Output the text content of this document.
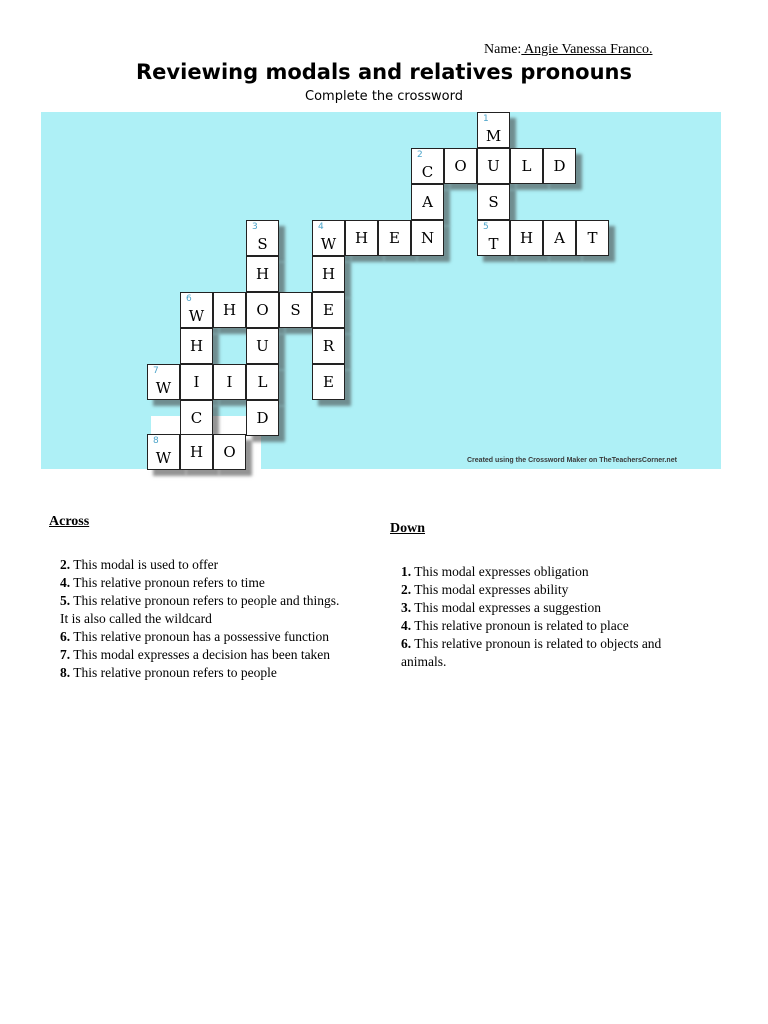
Name: Angie Vanessa Franco.
Reviewing modals and relatives pronouns
Complete the crossword
Created using the Crossword Maker on TheTeachersCorner.net
1
M
2
C	O	U	L	D
A	S
3
S
4
W	H	E	N
5
T	H	A	T
H	H
6
W	H	O	S	E
H	U	R
7
W	I	I	L	E
C	D
8
W	H	O
Across
2. This modal is used to offer
4. This relative pronoun refers to time
5. This relative pronoun refers to people and things. It is also called the wildcard
6. This relative pronoun has a possessive function
7. This modal expresses a decision has been taken
8. This relative pronoun refers to people
Down
1. This modal expresses obligation
2. This modal expresses ability
3. This modal expresses a suggestion
4. This relative pronoun is related to place
6. This relative pronoun is related to objects and animals.
